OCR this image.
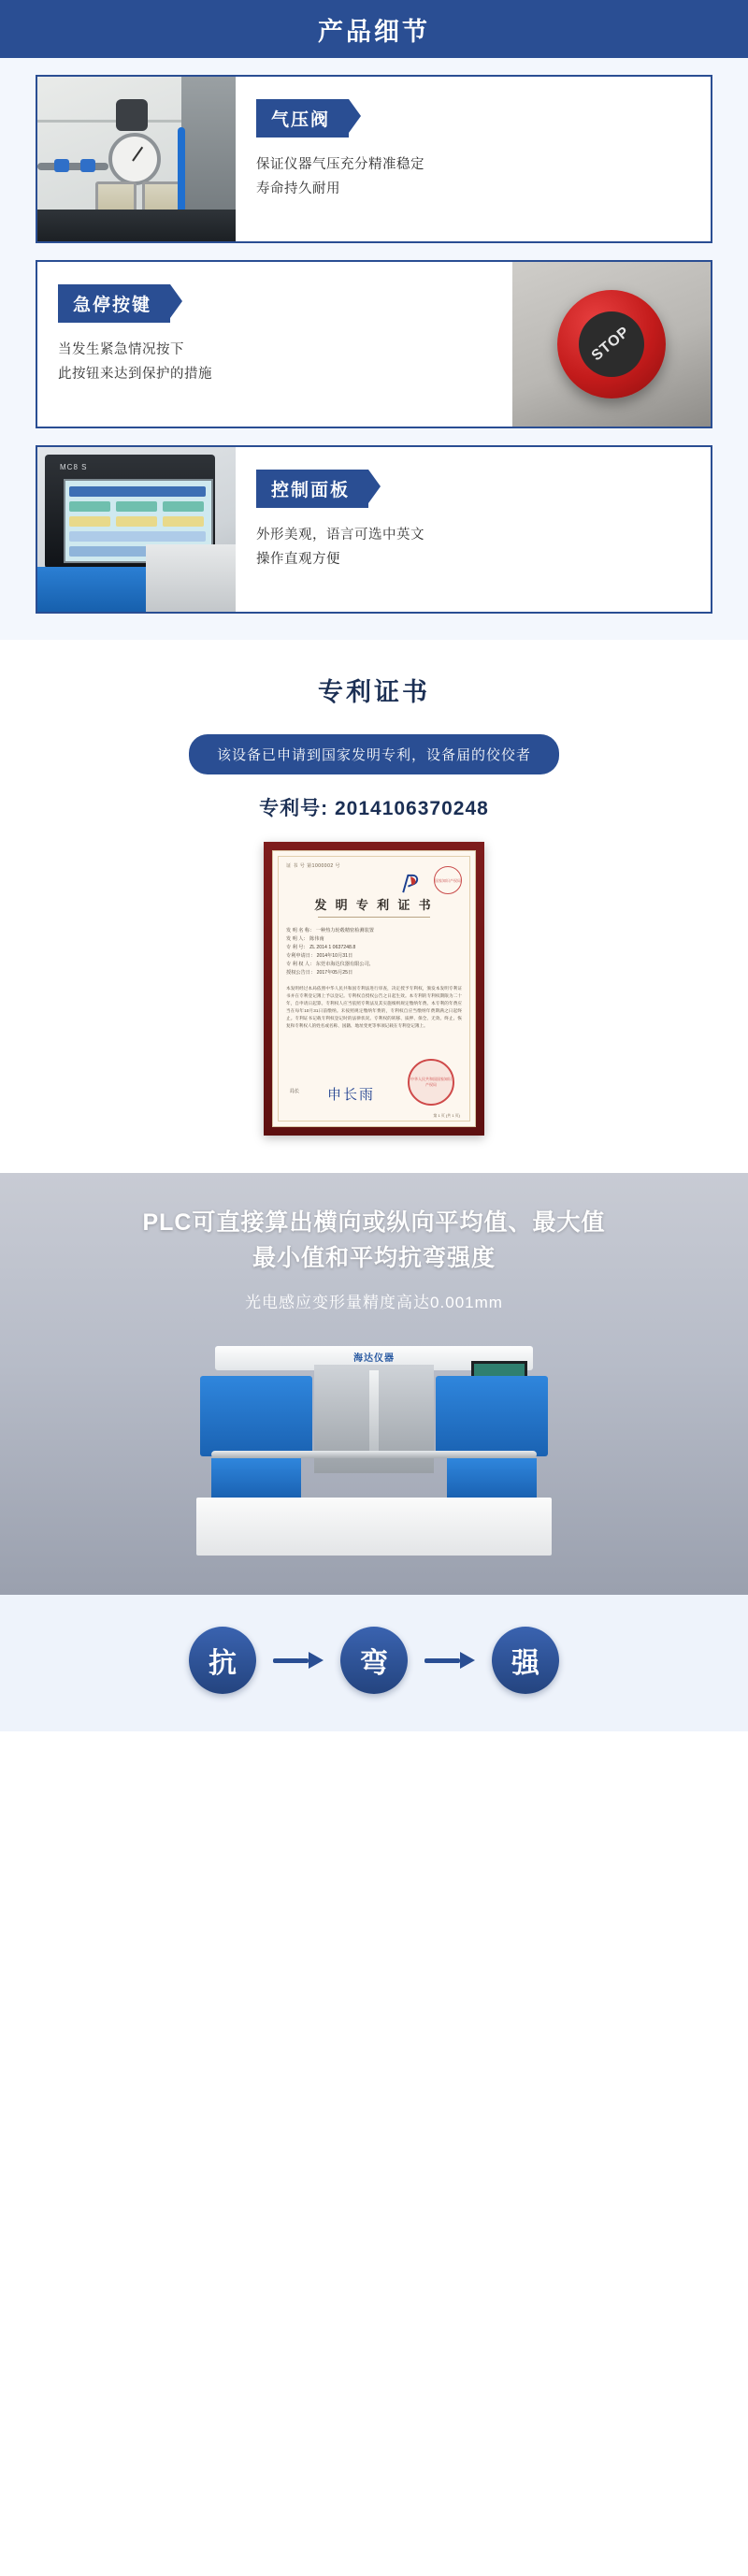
产品细节
气压阀
保证仪器气压充分精准稳定
寿命持久耐用
STOP
急停按键
当发生紧急情况按下
此按钮来达到保护的措施
MC8 S
控制面板
外形美观，语言可选中英文
操作直观方便
专利证书
该设备已申请到国家发明专利，设备届的佼佼者
专利号: 2014106370248
证 书 号 第1000002 号
国家知识产权局
发 明 专 利 证 书
发 明 名 称： 一种热力轮毂精密检测装置
发 明 人： 陈伟南
专 利 号： ZL 2014 1 0637248.8
专利申请日： 2014年10月31日
专 利 权 人： 东莞市海达仪器有限公司,
授权公告日： 2017年05月25日
本发明经过本局依照中华人民共和国专利法进行审查，决定授予专利权，颁发本发明专利证书并在专利登记簿上予以登记。专利权自授权公告之日起生效。本专利的专利权期限为二十年，自申请日起算。专利权人应当依照专利法及其实施细则规定缴纳年费。本专利的年费应当在每年10月31日前缴纳。未按照规定缴纳年费的，专利权自应当缴纳年费期满之日起终止。专利证书记载专利权登记时的法律状况。专利权的转移、质押、保全、无效、终止、恢复和专利权人的姓名或名称、国籍、地址变更等事项记载在专利登记簿上。
局长 申长雨
中华人民共和国国家知识产权局
第 1 页 (共 1 页)
PLC可直接算出横向或纵向平均值、最大值
最小值和平均抗弯强度
光电感应变形量精度高达0.001mm
海达仪器
抗	弯	强
